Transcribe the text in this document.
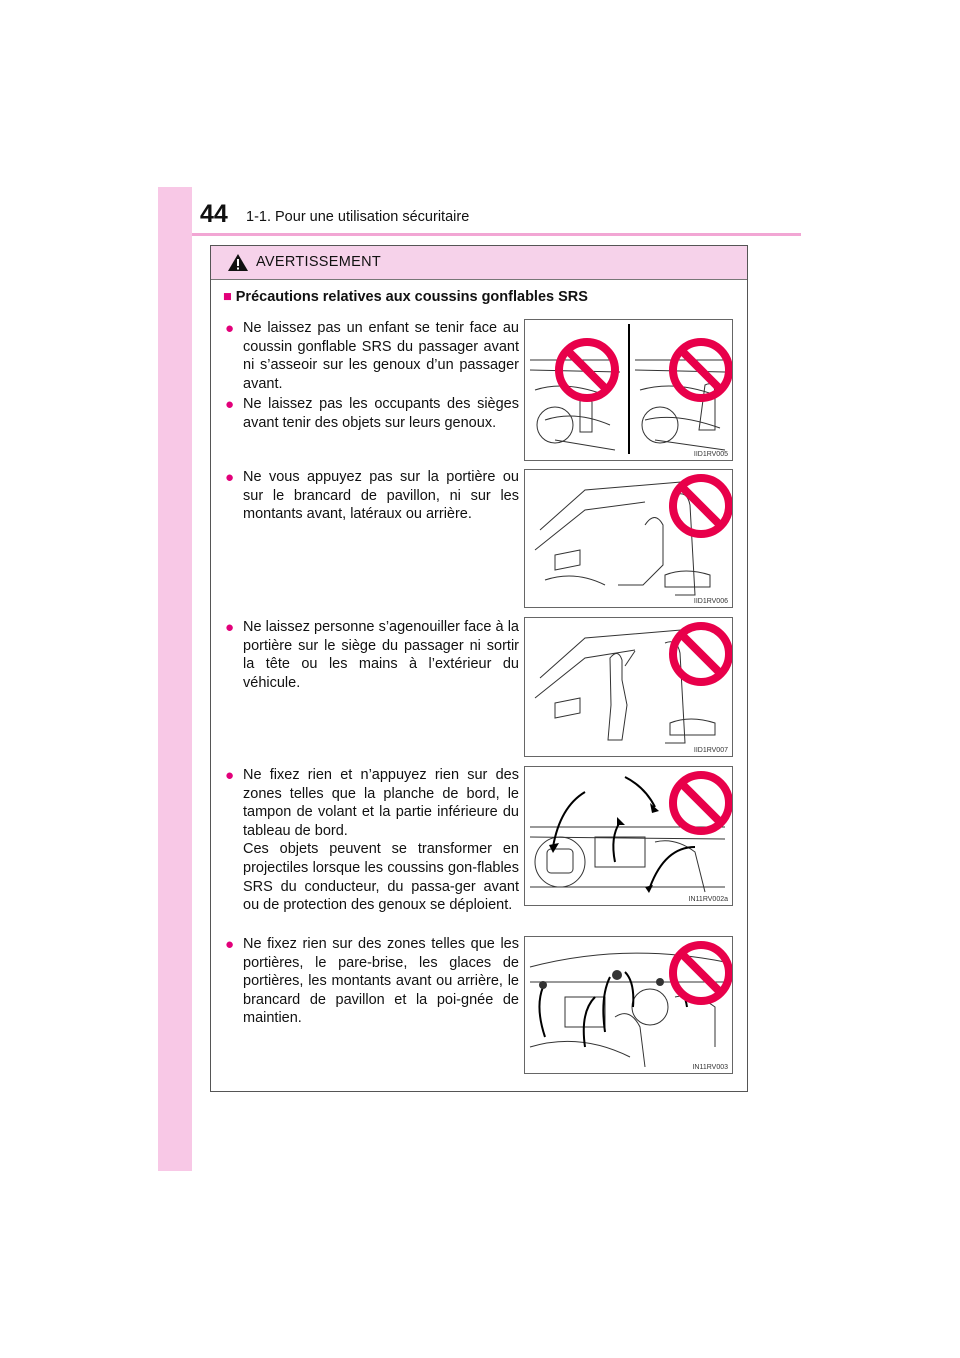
44 1-1. Pour une utilisation sécuritaire
AVERTISSEMENT
■ Précautions relatives aux coussins gonflables SRS
● Ne laissez pas un enfant se tenir face au coussin gonflable SRS du passager avant ni s’asseoir sur les genoux d’un passager avant.

● Ne laissez pas les occupants des sièges avant tenir des objets sur leurs genoux.

● Ne vous appuyez pas sur la portière ou sur le brancard de pavillon, ni sur les montants avant, latéraux ou arrière.

● Ne laissez personne s’agenouiller face à la portière sur le siège du passager ni sortir la tête ou les mains à l’extérieur du véhicule.

● Ne fixez rien et n’appuyez rien sur des zones telles que la planche de bord, le tampon de volant et la partie inférieure du tableau de bord.

Ces objets peuvent se transformer en projectiles lorsque les coussins gon-flables SRS du conducteur, du passa-ger avant ou de protection des genoux se déploient.

● Ne fixez rien sur des zones telles que les portières, le pare-brise, les glaces de portières, les montants avant ou arrière, le brancard de pavillon et la poi-gnée de maintien.

IID1RV005
IID1RV006
IID1RV007
IN11RV002a
IN11RV003
